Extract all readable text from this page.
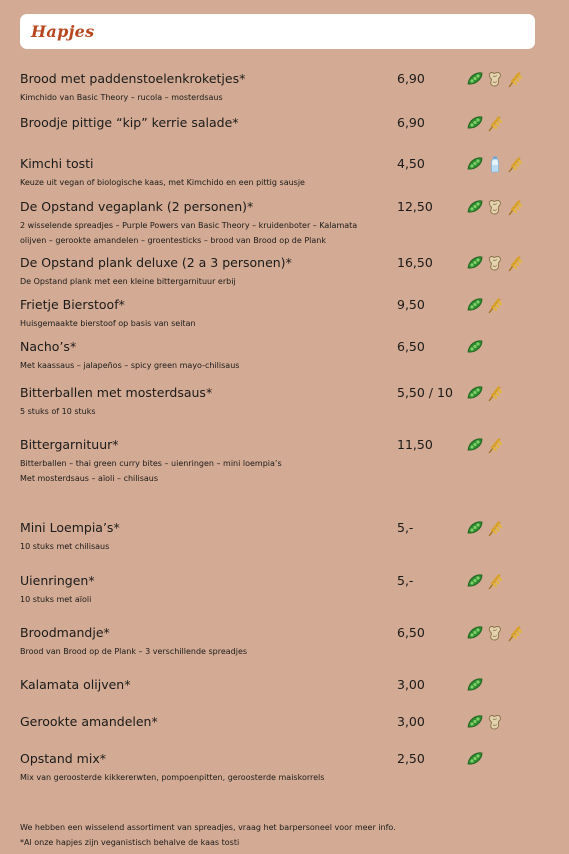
Hapjes
Brood met paddenstoelenkroketjes*	6,90
Kimchido van Basic Theory – rucola – mosterdsaus
Broodje pittige “kip” kerrie salade*	6,90
Kimchi tosti	4,50
Keuze uit vegan of biologische kaas, met Kimchido en een pittig sausje
De Opstand vegaplank (2 personen)*	12,50
2 wisselende spreadjes – Purple Powers van Basic Theory – kruidenboter – Kalamata
olijven – gerookte amandelen – groentesticks – brood van Brood op de Plank
De Opstand plank deluxe (2 a 3 personen)*	16,50
De Opstand plank met een kleine bittergarnituur erbij
Frietje Bierstoof*	9,50
Huisgemaakte bierstoof op basis van seitan
Nacho’s*	6,50
Met kaassaus – jalapeños – spicy green mayo-chilisaus
Bitterballen met mosterdsaus*	5,50 / 10
5 stuks of 10 stuks
Bittergarnituur*	11,50
Bitterballen – thai green curry bites – uienringen – mini loempia’s
Met mosterdsaus – aïoli – chilisaus
Mini Loempia’s*	5,-
10 stuks met chilisaus
Uienringen*	5,-
10 stuks met aïoli
Broodmandje*	6,50
Brood van Brood op de Plank – 3 verschillende spreadjes
Kalamata olijven*	3,00
Gerookte amandelen*	3,00
Opstand mix*	2,50
Mix van geroosterde kikkererwten, pompoenpitten, geroosterde maiskorrels
We hebben een wisselend assortiment van spreadjes, vraag het barpersoneel voor meer info.
*Al onze hapjes zijn veganistisch behalve de kaas tosti
